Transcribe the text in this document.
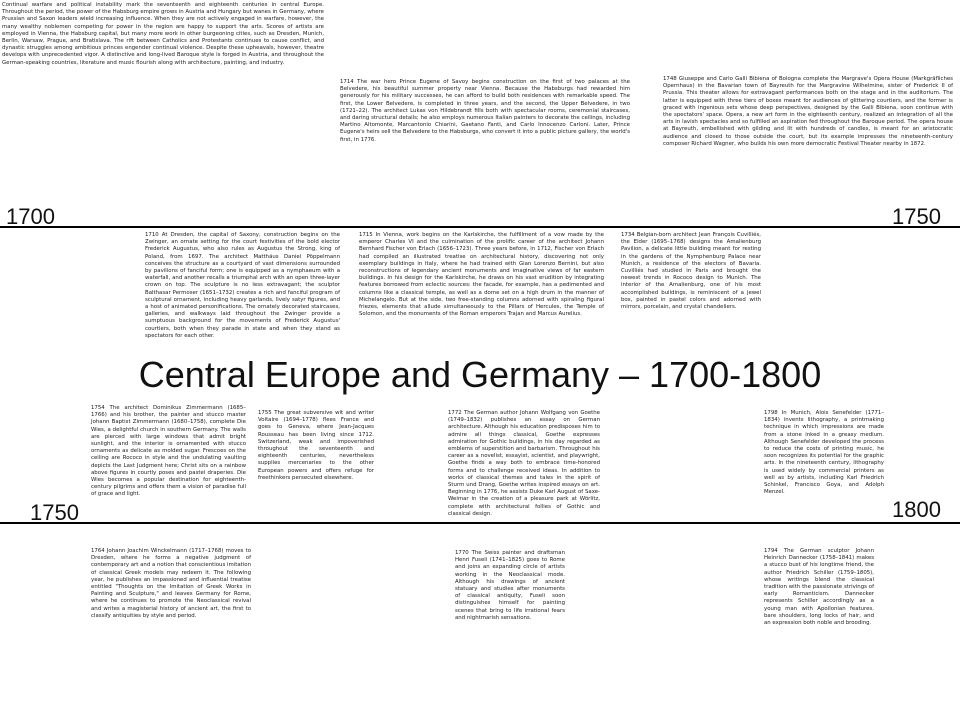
1700	1750
1750	1800
Central Europe and Germany – 1700-1800

Continual warfare and political instability mark the seventeenth and eighteenth centuries in central Europe. Throughout the period, the power of the Habsburg empire grows in Austria and Hungary but wanes in Germany, where Prussian and Saxon leaders wield increasing influence. When they are not actively engaged in warfare, however, the many wealthy noblemen competing for power in the region are happy to support the arts. Scores of artists are employed in Vienna, the Habsburg capital, but many more work in other burgeoning cities, such as Dresden, Munich, Berlin, Warsaw, Prague, and Bratislava. The rift between Catholics and Protestants continues to cause conflict, and dynastic struggles among ambitious princes engender continual violence. Despite these upheavals, however, theatre develops with unprecedented vigor. A distinctive and long-lived Baroque style is forged in Austria, and throughout the German-speaking countries, literature and music flourish along with architecture, painting, and industry.

1714 The war hero Prince Eugene of Savoy begins construction on the first of two palaces at the Belvedere, his beautiful summer property near Vienna. Because the Habsburgs had rewarded him generously for his military successes, he can afford to build both residences with remarkable speed. The first, the Lower Belvedere, is completed in three years, and the second, the Upper Belvedere, in two (1721–22). The architect Lukas von Hildebrandt fills both with spectacular rooms, ceremonial staircases, and daring structural details; he also employs numerous Italian painters to decorate the ceilings, including Martino Altomonte, Marcantonio Chiarini, Gaetano Fanti, and Carlo Innocenzo Carloni. Later, Prince Eugene's heirs sell the Belvedere to the Habsburgs, who convert it into a public picture gallery, the world's first, in 1776.

1748 Giuseppe and Carlo Galli Bibiena of Bologna complete the Margrave's Opera House (Markgräfliches Opernhaus) in the Bavarian town of Bayreuth for the Margravine Wilhelmine, sister of Frederick II of Prussia. This theater allows for extravagant performances both on the stage and in the auditorium. The latter is equipped with three tiers of boxes meant for audiences of glittering courtiers, and the former is graced with ingenious sets whose deep perspectives, designed by the Galli Bibiena, soon continue with the spectators' space. Opera, a new art form in the eighteenth century, realized an integration of all the arts in lavish spectacles and so fulfilled an aspiration fed throughout the Baroque period. The opera house at Bayreuth, embellished with gilding and lit with hundreds of candles, is meant for an aristocratic audience and closed to those outside the court, but its example impresses the nineteenth-century composer Richard Wagner, who builds his own more democratic Festival Theater nearby in 1872.

1710 At Dresden, the capital of Saxony, construction begins on the Zwinger, an ornate setting for the court festivities of the bold elector Frederick Augustus, who also rules as Augustus the Strong, king of Poland, from 1697. The architect Matthäus Daniel Pöppelmann conceives the structure as a courtyard of vast dimensions surrounded by pavilions of fanciful form; one is equipped as a nymphaeum with a waterfall, and another recalls a triumphal arch with an open three-layer crown on top. The sculpture is no less extravagant; the sculptor Balthasar Permoser (1651–1732) creates a rich and fanciful program of sculptural ornament, including heavy garlands, lively satyr figures, and a host of animated personifications. The ornately decorated staircases, galleries, and walkways laid throughout the Zwinger provide a sumptuous background for the movements of Frederick Augustus' courtiers, both when they parade in state and when they stand as spectators for each other.

1715 In Vienna, work begins on the Karlskirche, the fulfillment of a vow made by the emperor Charles VI and the culmination of the prolific career of the architect Johann Bernhard Fischer von Erlach (1656–1723). Three years before, in 1712, Fischer von Erlach had compiled an illustrated treatise on architectural history, discovering not only exemplary buildings in Italy, where he had trained with Gian Lorenzo Bernini, but also reconstructions of legendary ancient monuments and imaginative views of far eastern buildings. In his design for the Karlskirche, he draws on his vast erudition by integrating features borrowed from eclectic sources: the facade, for example, has a pedimented and columns like a classical temple, as well as a dome set on a high drum in the manner of Michelangelo. But at the side, two free-standing columns adorned with spiraling figural friezes, elements that allude simultaneously to the Pillars of Hercules, the Temple of Solomon, and the monuments of the Roman emperors Trajan and Marcus Aurelius.

1734 Belgian-born architect Jean François Cuvilliés, the Elder (1695–1768) designs the Amalienburg Pavilion, a delicate little building meant for resting in the gardens of the Nymphenburg Palace near Munich, a residence of the electors of Bavaria. Cuvilliés had studied in Paris and brought the newest trends in Rococo design to Munich. The interior of the Amalienburg, one of his most accomplished buildings, is reminiscent of a jewel box, painted in pastel colors and adorned with mirrors, porcelain, and crystal chandeliers.

1754 The architect Dominikus Zimmermann (1685–1766) and his brother, the painter and stucco master Johann Baptist Zimmermann (1680–1758), complete Die Wies, a delightful church in southern Germany. The walls are pierced with large windows that admit bright sunlight, and the interior is ornamented with stucco ornaments as delicate as molded sugar. Frescoes on the ceiling are Rococo in style and the undulating vaulting depicts the Last Judgment here; Christ sits on a rainbow above figures in courtly poses and pastel draperies. Die Wies becomes a popular destination for eighteenth-century pilgrims and offers them a vision of paradise full of grace and light.

1755 The great subversive wit and writer Voltaire (1694–1778) flees France and goes to Geneva, where Jean-Jacques Rousseau has been living since 1712. Switzerland, weak and impoverished throughout the seventeenth and eighteenth centuries, nevertheless supplies mercenaries to the other European powers and offers refuge for freethinkers persecuted elsewhere.

1772 The German author Johann Wolfgang von Goethe (1749–1832) publishes an essay on German architecture. Although his education predisposes him to admire all things classical, Goethe expresses admiration for Gothic buildings, in his day regarded as emblems of superstition and barbarism. Throughout his career as a novelist, essayist, scientist, and playwright, Goethe finds a way both to embrace time-honored forms and to challenge received ideas. In addition to works of classical themes and tales in the spirit of Sturm und Drang, Goethe writes inspired essays on art. Beginning in 1776, he assists Duke Karl August of Saxe-Weimar in the creation of a pleasure park at Wörlitz, complete with architectural follies of Gothic and classical design.

1798 In Munich, Alois Senefelder (1771–1834) invents lithography, a printmaking technique in which impressions are made from a stone inked in a greasy medium. Although Senefelder developed the process to reduce the costs of printing music, he soon recognizes its potential for the graphic arts. In the nineteenth century, lithography is used widely by commercial printers as well as by artists, including Karl Friedrich Schinkel, Francisco Goya, and Adolph Menzel.

1764 Johann Joachim Winckelmann (1717–1768) moves to Dresden, where he forms a negative judgment of contemporary art and a notion that conscientious imitation of classical Greek models may redeem it. The following year, he publishes an impassioned and influential treatise entitled "Thoughts on the Imitation of Greek Works in Painting and Sculpture," and leaves Germany for Rome, where he continues to promote the Neoclassical revival and writes a magisterial history of ancient art, the first to classify antiquities by style and period.

1770 The Swiss painter and draftsman Henri Fuseli (1741–1825) goes to Rome and joins an expanding circle of artists working in the Neoclassical mode. Although his drawings of ancient statuary and studies after monuments of classical antiquity, Fuseli soon distinguishes himself for painting scenes that bring to life irrational fears and nightmarish sensations.

1794 The German sculptor Johann Heinrich Dannecker (1758–1841) makes a stucco bust of his longtime friend, the author Friedrich Schiller (1759–1805), whose writings blend the classical tradition with the passionate strivings of early Romanticism. Dannecker represents Schiller accordingly as a young man with Apollonian features, bare shoulders, long locks of hair, and an expression both noble and brooding.
